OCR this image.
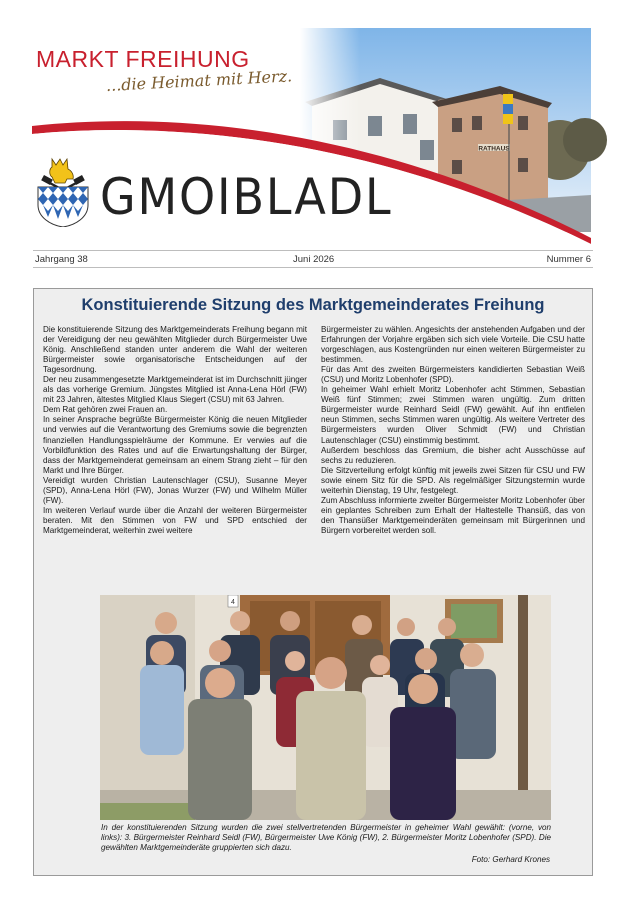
RATHAUS
MARKT FREIHUNG
...die Heimat mit Herz.
GMOIBLADL
Jahrgang 38	Juni 2026	Nummer 6
Konstituierende Sitzung des Marktgemeinderates Freihung

Die konstituierende Sitzung des Marktgemeinderats Freihung begann mit der Vereidigung der neu gewählten Mitglieder durch Bürgermeister Uwe König. Anschließend standen unter anderem die Wahl der weiteren Bürgermeister sowie organisatorische Entscheidungen auf der Tagesordnung.

Der neu zusammengesetzte Marktgemeinderat ist im Durchschnitt jünger als das vorherige Gremium. Jüngstes Mitglied ist Anna-Lena Hörl (FW) mit 23 Jahren, ältestes Mitglied Klaus Siegert (CSU) mit 63 Jahren.

Dem Rat gehören zwei Frauen an.

In seiner Ansprache begrüßte Bürgermeister König die neuen Mitglieder und verwies auf die Verantwortung des Gremiums sowie die begrenzten finanziellen Handlungsspielräume der Kommune. Er verwies auf die Vorbildfunktion des Rates und auf die Erwartungshaltung der Bürger, dass der Marktgemeinderat gemeinsam an einem Strang zieht – für den Markt und Ihre Bürger.

Vereidigt wurden Christian Lautenschlager (CSU), Susanne Meyer (SPD), Anna-Lena Hörl (FW), Jonas Wurzer (FW) und Wilhelm Müller (FW).

Im weiteren Verlauf wurde über die Anzahl der weiteren Bürgermeister beraten. Mit den Stimmen von FW und SPD entschied der Marktgemeinderat, weiterhin zwei weitere

Bürgermeister zu wählen. Angesichts der anstehenden Aufgaben und der Erfahrungen der Vorjahre ergäben sich sich viele Vorteile. Die CSU hatte vorgeschlagen, aus Kostengründen nur einen weiteren Bürgermeister zu bestimmen.

Für das Amt des zweiten Bürgermeisters kandidierten Sebastian Weiß (CSU) und Moritz Lobenhofer (SPD).

In geheimer Wahl erhielt Moritz Lobenhofer acht Stimmen, Sebastian Weiß fünf Stimmen; zwei Stimmen waren ungültig. Zum dritten Bürgermeister wurde Reinhard Seidl (FW) gewählt. Auf ihn entfielen neun Stimmen, sechs Stimmen waren ungültig. Als weitere Vertreter des Bürgermeisters wurden Oliver Schmidt (FW) und Christian Lautenschlager (CSU) einstimmig bestimmt.

Außerdem beschloss das Gremium, die bisher acht Ausschüsse auf sechs zu reduzieren.

Die Sitzverteilung erfolgt künftig mit jeweils zwei Sitzen für CSU und FW sowie einem Sitz für die SPD. Als regelmäßiger Sitzungstermin wurde weiterhin Dienstag, 19 Uhr, festgelegt.

Zum Abschluss informierte zweiter Bürgermeister Moritz Lobenhofer über ein geplantes Schreiben zum Erhalt der Haltestelle Thansüß, das von den Thansüßer Marktgemeinderäten gemeinsam mit Bürgerinnen und Bürgern vorbereitet werden soll.

4
In der konstituierenden Sitzung wurden die zwei stellvertretenden Bürgermeister in geheimer Wahl gewählt: (vorne, von links): 3. Bürgermeister Reinhard Seidl (FW), Bürgermeister Uwe König (FW), 2. Bürgermeister Moritz Lobenhofer (SPD). Die gewählten Marktgemeinderäte gruppierten sich dazu.
Foto: Gerhard Krones
